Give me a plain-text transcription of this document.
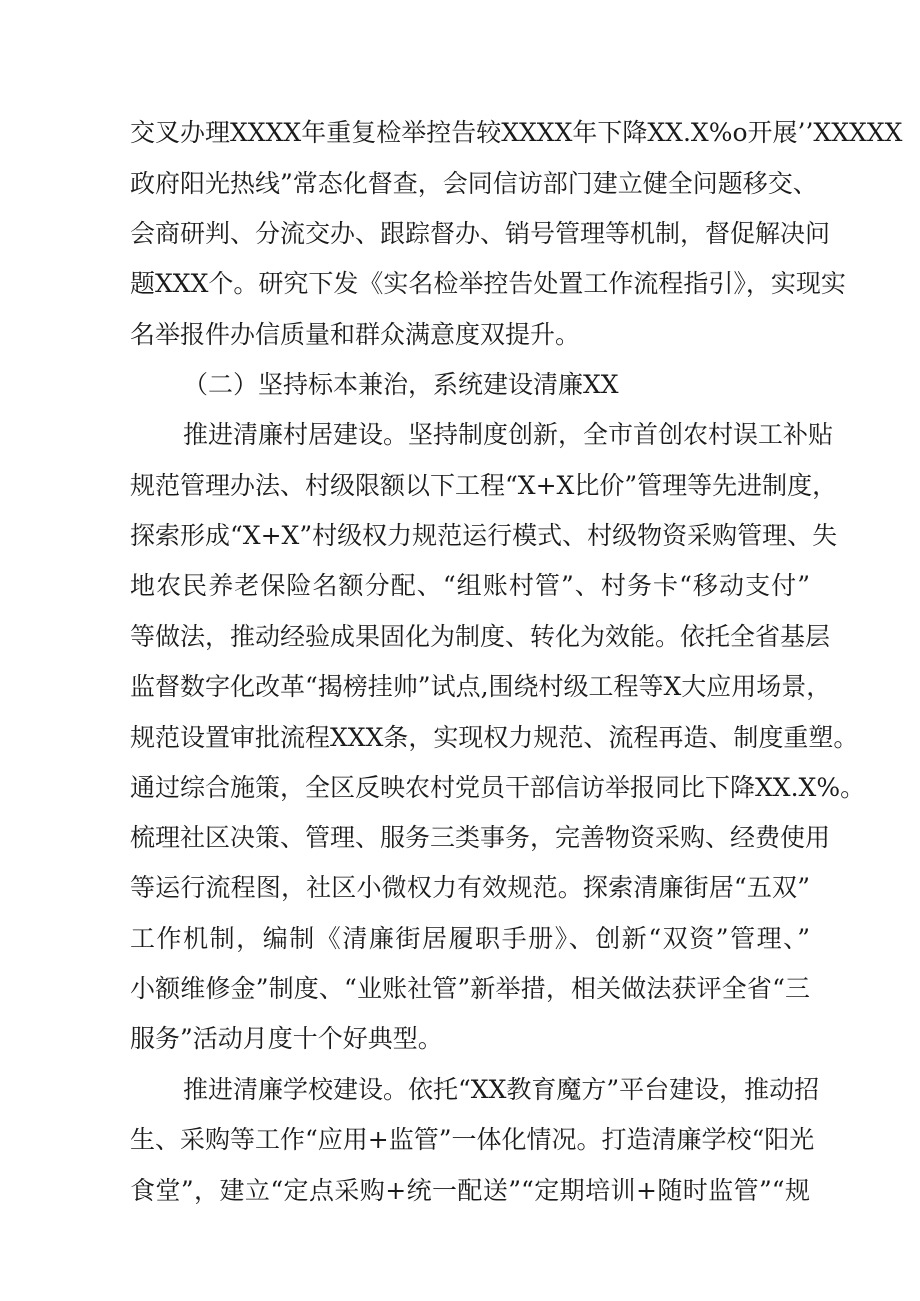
交叉办理XXXX年重复检举控告较XXXX年下降XX.X%o开展’’XXXXX
政府阳光热线”常态化督查，会同信访部门建立健全问题移交、
会商研判、分流交办、跟踪督办、销号管理等机制，督促解决问
题XXX个。研究下发《实名检举控告处置工作流程指引》，实现实
名举报件办信质量和群众满意度双提升。
（二）坚持标本兼治，系统建设清廉XX
推进清廉村居建设。坚持制度创新，全市首创农村误工补贴
规范管理办法、村级限额以下工程“X+X比价”管理等先进制度，
探索形成“X+X”村级权力规范运行模式、村级物资采购管理、失
地农民养老保险名额分配、“组账村管”、村务卡“移动支付”
等做法，推动经验成果固化为制度、转化为效能。依托全省基层
监督数字化改革“揭榜挂帅”试点,围绕村级工程等X大应用场景，
规范设置审批流程XXX条，实现权力规范、流程再造、制度重塑。
通过综合施策，全区反映农村党员干部信访举报同比下降XX.X%。
梳理社区决策、管理、服务三类事务，完善物资采购、经费使用
等运行流程图，社区小微权力有效规范。探索清廉街居“五双”
工作机制，编制《清廉街居履职手册》、创新“双资”管理、”
小额维修金”制度、“业账社管”新举措，相关做法获评全省“三
服务”活动月度十个好典型。
推进清廉学校建设。依托“XX教育魔方”平台建设，推动招
生、采购等工作“应用+监管”一体化情况。打造清廉学校“阳光
食堂”，建立“定点采购+统一配送”“定期培训+随时监管”“规
